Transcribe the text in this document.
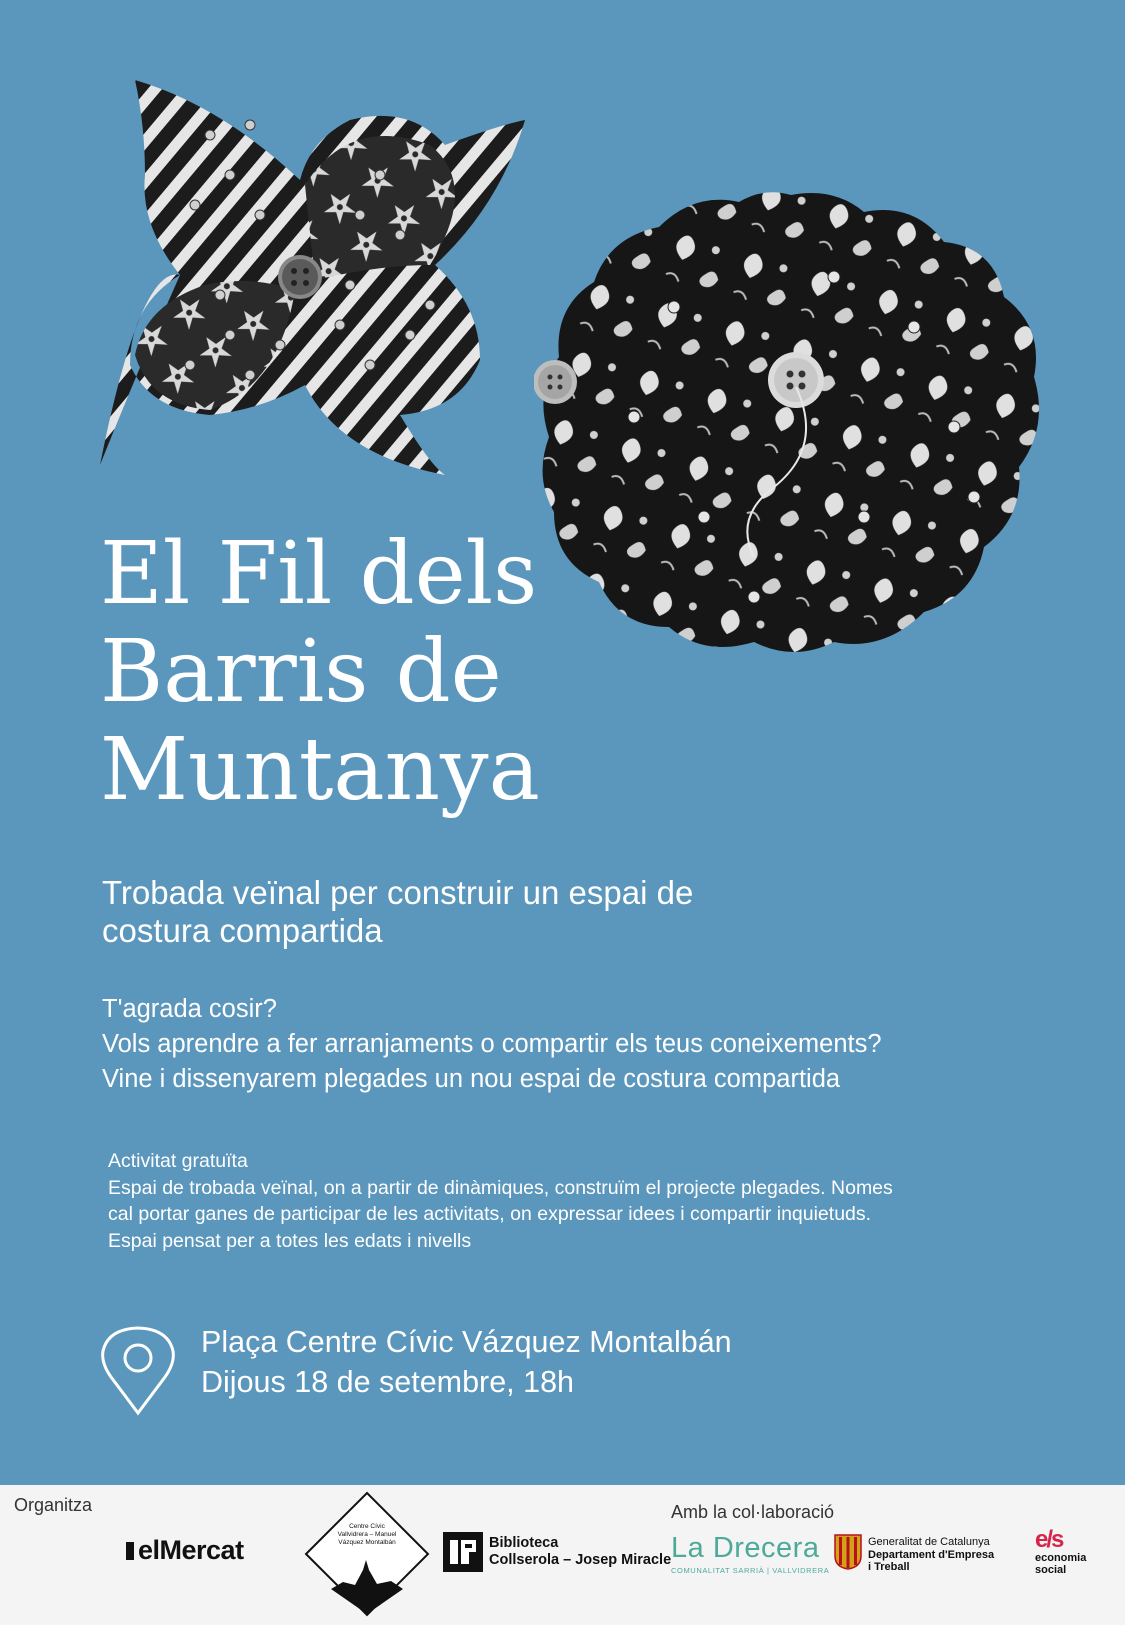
El Fil dels
Barris de
Muntanya

Trobada veïnal per construir un espai de
costura compartida

T'agrada cosir?
Vols aprendre a fer arranjaments o compartir els teus coneixements?
Vine i dissenyarem plegades un nou espai de costura compartida
Activitat gratuïta
Espai de trobada veïnal, on a partir de dinàmiques, construïm el projecte plegades. Nomes
cal portar ganes de participar de les activitats, on expressar idees i compartir inquietuds.
Espai pensat per a totes les edats i nivells
Plaça Centre Cívic Vázquez Montalbán
Dijous 18 de setembre, 18h
Organitza	Amb la col·laboració
elMercat
Centre Cívic
Vallvidrera – Manuel
Vázquez Montalbán	Biblioteca
Collserola – Josep Miracle La Drecera
COMUNALITAT SARRIÀ | VALLVIDRERA
Generalitat de Catalunya
Departament d'Empresa
i Treball
e/s
economia
social
